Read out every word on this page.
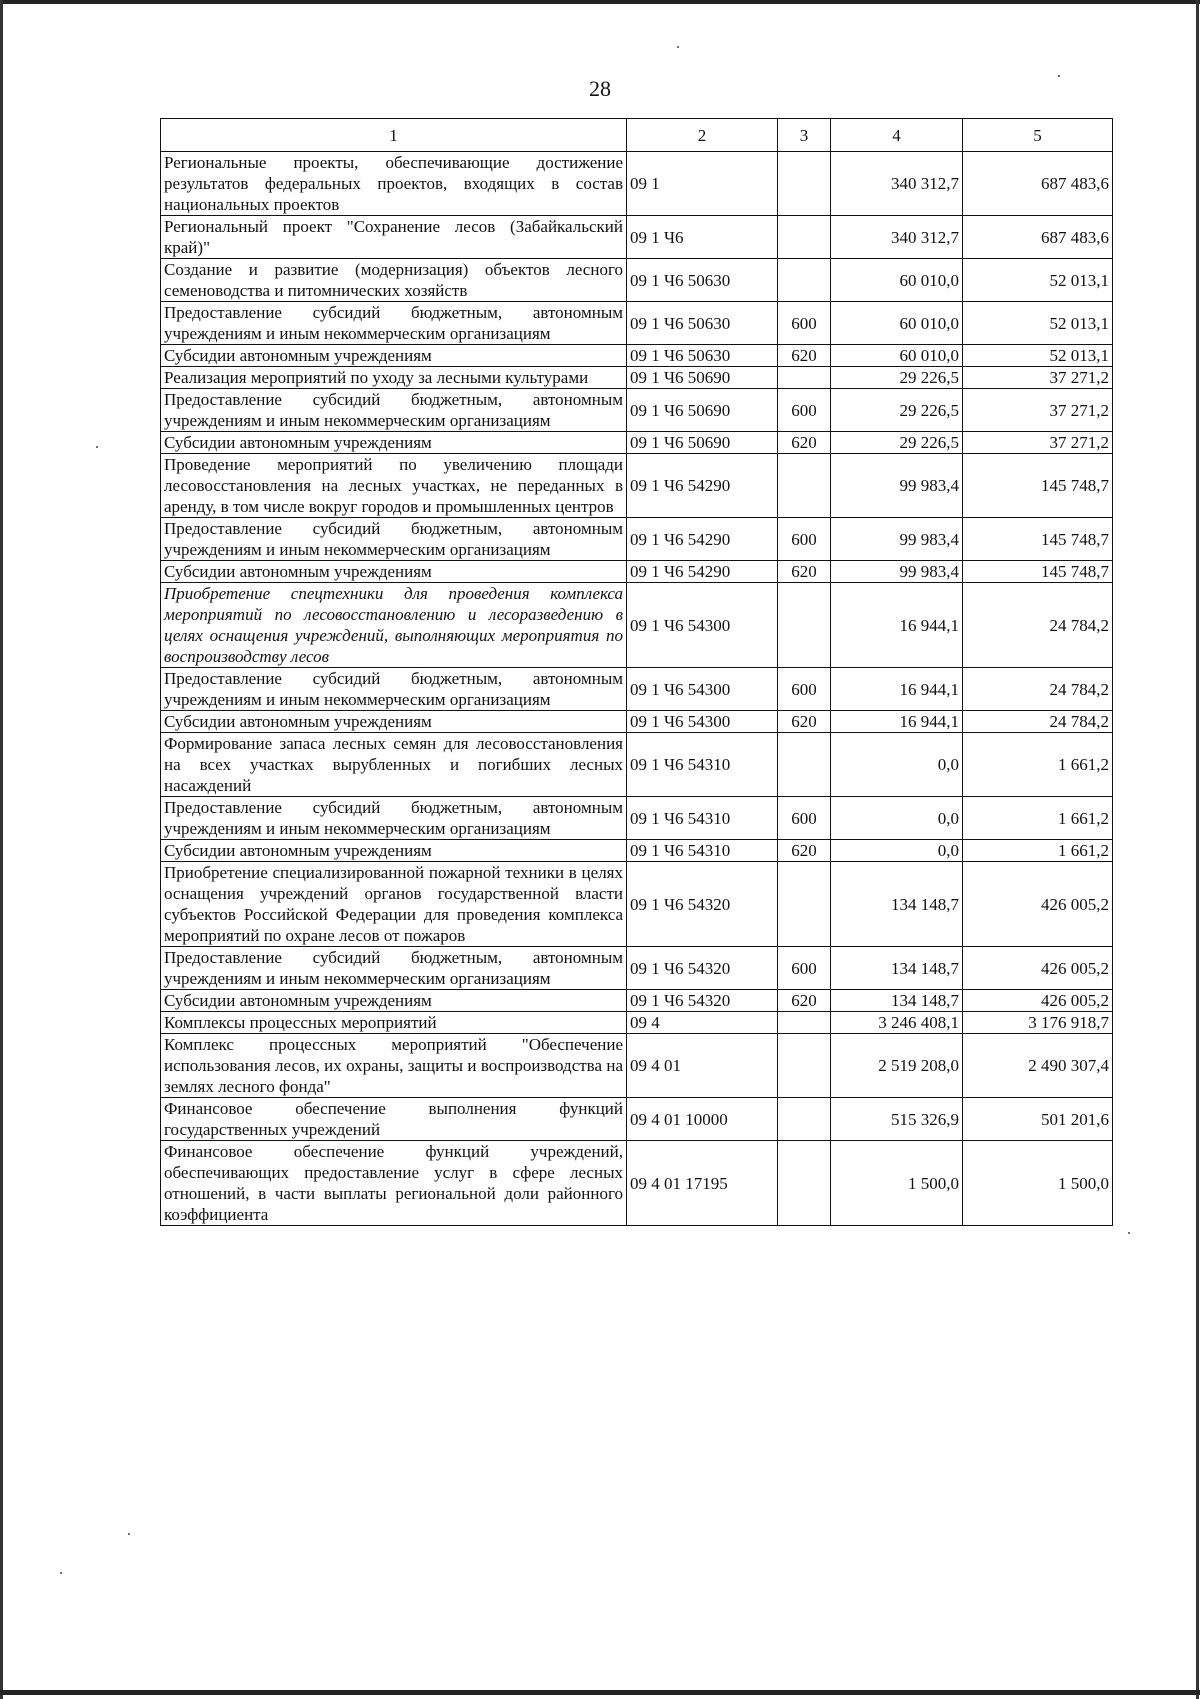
28
1	2	3	4	5
Региональные проекты, обеспечивающие достижение результатов федеральных проектов, входящих в состав национальных проектов	09 1		340 312,7	687 483,6
Региональный проект "Сохранение лесов (Забайкальский край)"	09 1 Ч6		340 312,7	687 483,6
Создание и развитие (модернизация) объектов лесного семеноводства и питомнических хозяйств	09 1 Ч6 50630		60 010,0	52 013,1
Предоставление субсидий бюджетным, автономным учреждениям и иным некоммерческим организациям	09 1 Ч6 50630	600	60 010,0	52 013,1
Субсидии автономным учреждениям	09 1 Ч6 50630	620	60 010,0	52 013,1
Реализация мероприятий по уходу за лесными культурами	09 1 Ч6 50690		29 226,5	37 271,2
Предоставление субсидий бюджетным, автономным учреждениям и иным некоммерческим организациям	09 1 Ч6 50690	600	29 226,5	37 271,2
Субсидии автономным учреждениям	09 1 Ч6 50690	620	29 226,5	37 271,2
Проведение мероприятий по увеличению площади лесовосстановления на лесных участках, не переданных в аренду, в том числе вокруг городов и промышленных центров	09 1 Ч6 54290		99 983,4	145 748,7
Предоставление субсидий бюджетным, автономным учреждениям и иным некоммерческим организациям	09 1 Ч6 54290	600	99 983,4	145 748,7
Субсидии автономным учреждениям	09 1 Ч6 54290	620	99 983,4	145 748,7
Приобретение спецтехники для проведения комплекса мероприятий по лесовосстановлению и лесоразведению в целях оснащения учреждений, выполняющих мероприятия по воспроизводству лесов	09 1 Ч6 54300		16 944,1	24 784,2
Предоставление субсидий бюджетным, автономным учреждениям и иным некоммерческим организациям	09 1 Ч6 54300	600	16 944,1	24 784,2
Субсидии автономным учреждениям	09 1 Ч6 54300	620	16 944,1	24 784,2
Формирование запаса лесных семян для лесовосстановления на всех участках вырубленных и погибших лесных насаждений	09 1 Ч6 54310		0,0	1 661,2
Предоставление субсидий бюджетным, автономным учреждениям и иным некоммерческим организациям	09 1 Ч6 54310	600	0,0	1 661,2
Субсидии автономным учреждениям	09 1 Ч6 54310	620	0,0	1 661,2
Приобретение специализированной пожарной техники в целях оснащения учреждений органов государственной власти субъектов Российской Федерации для проведения комплекса мероприятий по охране лесов от пожаров	09 1 Ч6 54320		134 148,7	426 005,2
Предоставление субсидий бюджетным, автономным учреждениям и иным некоммерческим организациям	09 1 Ч6 54320	600	134 148,7	426 005,2
Субсидии автономным учреждениям	09 1 Ч6 54320	620	134 148,7	426 005,2
Комплексы процессных мероприятий	09 4		3 246 408,1	3 176 918,7
Комплекс процессных мероприятий "Обеспечение использования лесов, их охраны, защиты и воспроизводства на землях лесного фонда"	09 4 01		2 519 208,0	2 490 307,4
Финансовое обеспечение выполнения функций государственных учреждений	09 4 01 10000		515 326,9	501 201,6
Финансовое обеспечение функций учреждений, обеспечивающих предоставление услуг в сфере лесных отношений, в части выплаты региональной доли районного коэффициента	09 4 01 17195		1 500,0	1 500,0
